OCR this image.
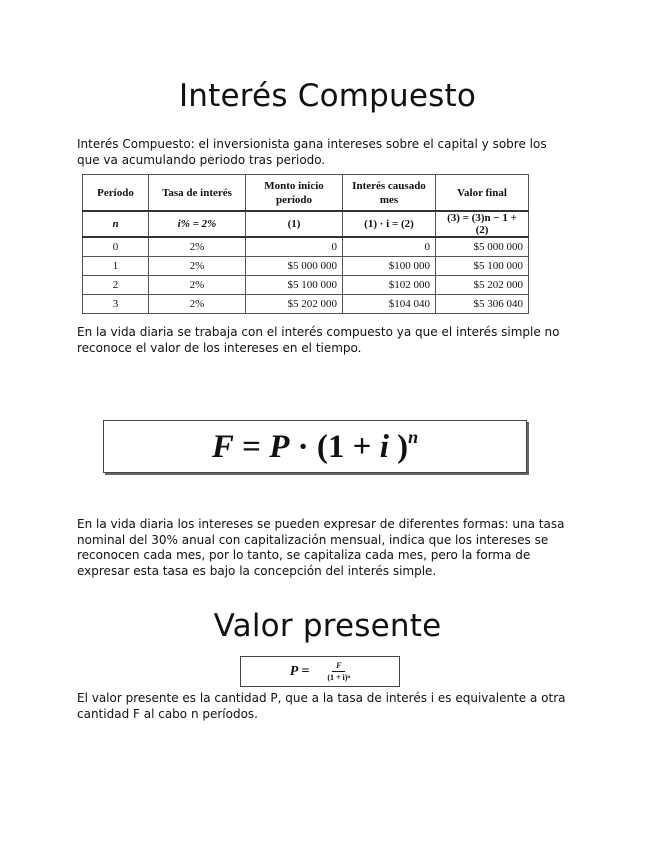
Interés Compuesto
Interés Compuesto: el inversionista gana intereses sobre el capital y sobre los que va acumulando periodo tras periodo.
Período	Tasa de interés	Monto inicio período	Interés causado mes	Valor final
n	i% = 2%	(1)	(1) · i = (2)	(3) = (3)n − 1 + (2)
0	2%	0	0	$5 000 000
1	2%	$5 000 000	$100 000	$5 100 000
2	2%	$5 100 000	$102 000	$5 202 000
3	2%	$5 202 000	$104 040	$5 306 040
En la vida diaria se trabaja con el interés compuesto ya que el interés simple no reconoce el valor de los intereses en el tiempo.
F = P · (1 + i )$^n$
En la vida diaria los intereses se pueden expresar de diferentes formas: una tasa nominal del 30% anual con capitalización mensual, indica que los intereses se reconocen cada mes, por lo tanto, se capitaliza cada mes, pero la forma de expresar esta tasa es bajo la concepción del interés simple.
Valor presente
$P = \frac{F}{\text{(1 + i)ⁿ}}$
El valor presente es la cantidad P, que a la tasa de interés i es equivalente a otra cantidad F al cabo n períodos.
